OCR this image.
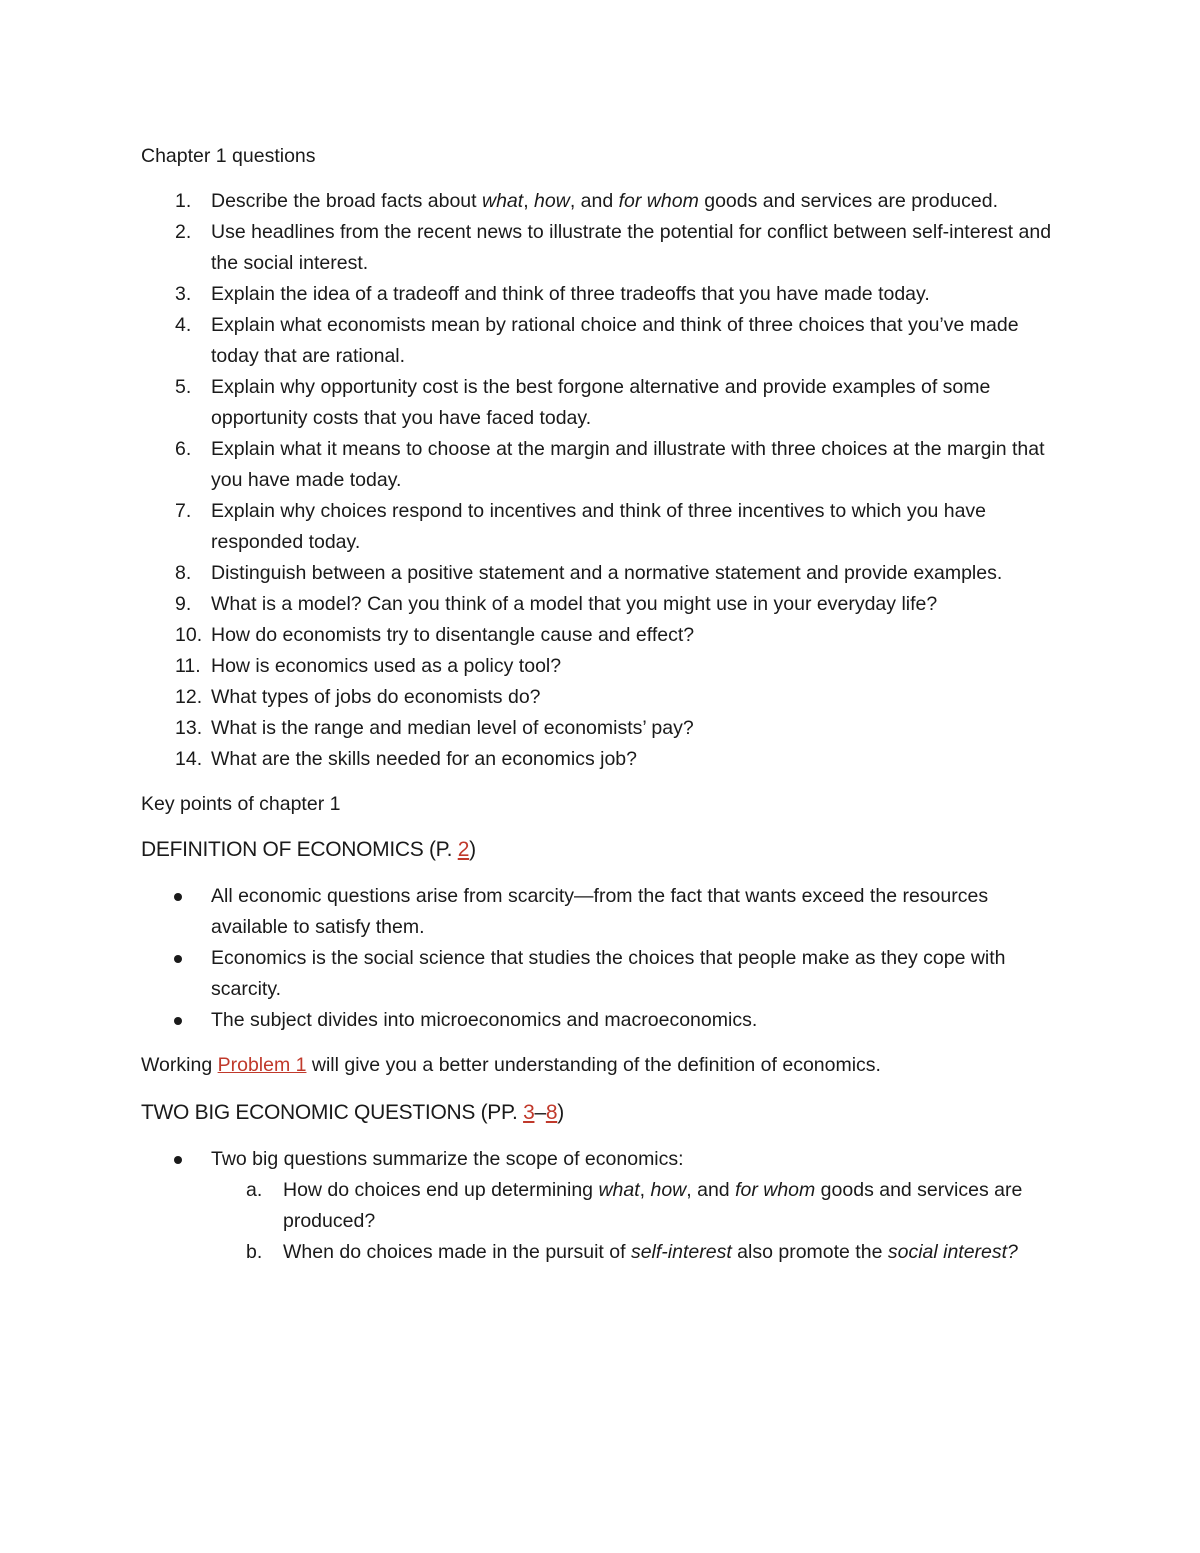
Chapter 1 questions

1. Describe the broad facts about what, how, and for whom goods and services are produced.
2. Use headlines from the recent news to illustrate the potential for conflict between self-interest and the social interest.
3. Explain the idea of a tradeoff and think of three tradeoffs that you have made today.
4. Explain what economists mean by rational choice and think of three choices that you’ve made today that are rational.
5. Explain why opportunity cost is the best forgone alternative and provide examples of some opportunity costs that you have faced today.
6. Explain what it means to choose at the margin and illustrate with three choices at the margin that you have made today.
7. Explain why choices respond to incentives and think of three incentives to which you have responded today.
8. Distinguish between a positive statement and a normative statement and provide examples.
9. What is a model? Can you think of a model that you might use in your everyday life?
10. How do economists try to disentangle cause and effect?
11. How is economics used as a policy tool?
12. What types of jobs do economists do?
13. What is the range and median level of economists’ pay?
14. What are the skills needed for an economics job?

Key points of chapter 1

DEFINITION OF ECONOMICS (P. 2)

All economic questions arise from scarcity—from the fact that wants exceed the resources available to satisfy them.
Economics is the social science that studies the choices that people make as they cope with scarcity.
The subject divides into microeconomics and macroeconomics.

Working Problem 1 will give you a better understanding of the definition of economics.

TWO BIG ECONOMIC QUESTIONS (PP. 3–8)

Two big questions summarize the scope of economics:
a. How do choices end up determining what, how, and for whom goods and services are produced?
b. When do choices made in the pursuit of self-interest also promote the social interest?
